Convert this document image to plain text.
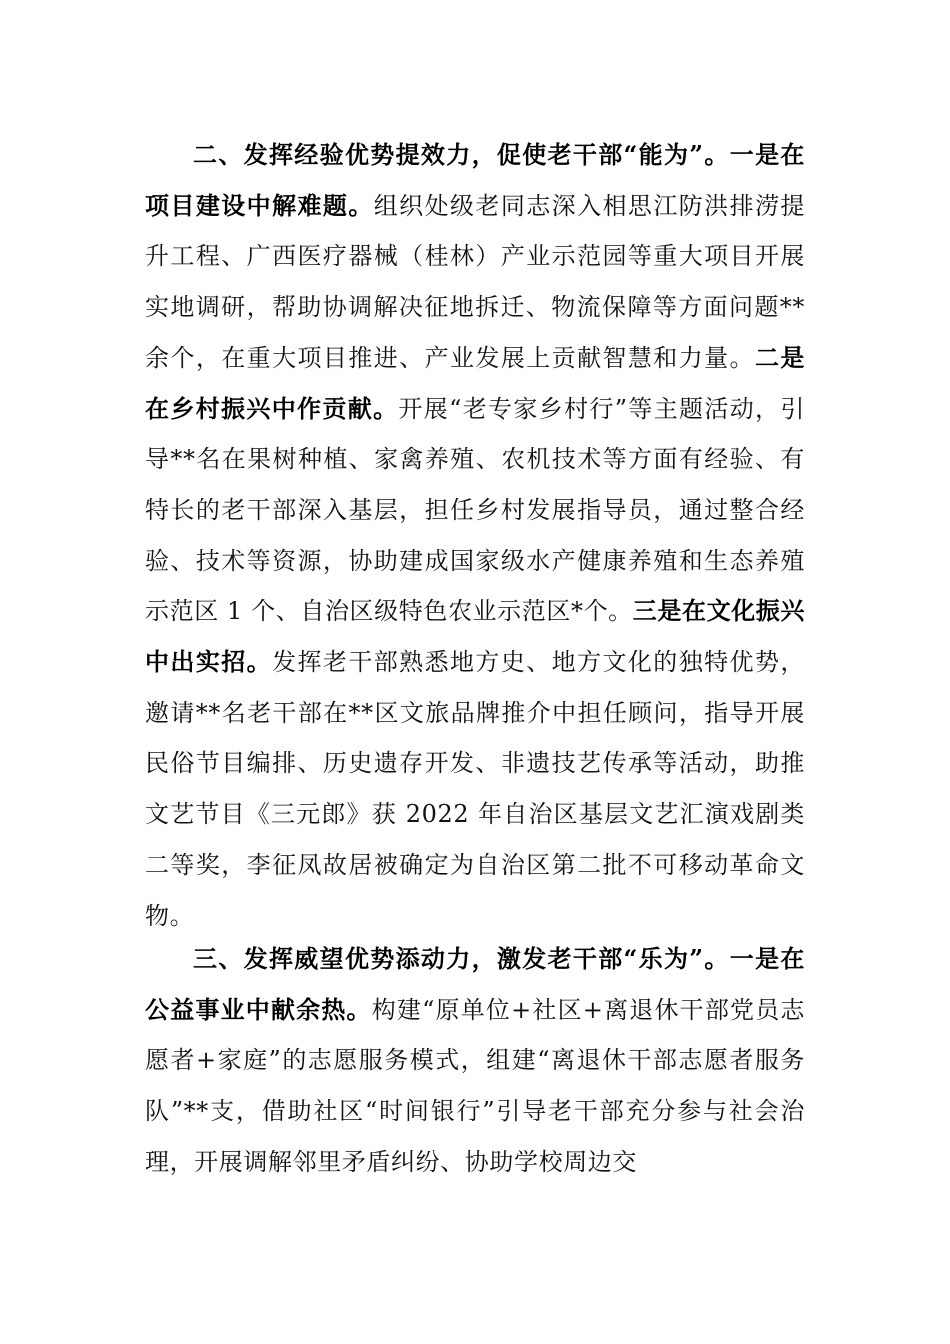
二、发挥经验优势提效力，促使老干部“能为”。一是在项目建设中解难题。组织处级老同志深入相思江防洪排涝提升工程、广西医疗器械（桂林）产业示范园等重大项目开展实地调研，帮助协调解决征地拆迁、物流保障等方面问题**余个，在重大项目推进、产业发展上贡献智慧和力量。二是在乡村振兴中作贡献。开展“老专家乡村行”等主题活动，引导**名在果树种植、家禽养殖、农机技术等方面有经验、有特长的老干部深入基层，担任乡村发展指导员，通过整合经验、技术等资源，协助建成国家级水产健康养殖和生态养殖示范区 1 个、自治区级特色农业示范区*个。三是在文化振兴中出实招。发挥老干部熟悉地方史、地方文化的独特优势，邀请**名老干部在**区文旅品牌推介中担任顾问，指导开展民俗节目编排、历史遗存开发、非遗技艺传承等活动，助推文艺节目《三元郎》获 2022 年自治区基层文艺汇演戏剧类二等奖，李征凤故居被确定为自治区第二批不可移动革命文物。

三、发挥威望优势添动力，激发老干部“乐为”。一是在公益事业中献余热。构建“原单位+社区+离退休干部党员志愿者+家庭”的志愿服务模式，组建“离退休干部志愿者服务队”**支，借助社区“时间银行”引导老干部充分参与社会治理，开展调解邻里矛盾纠纷、协助学校周边交
